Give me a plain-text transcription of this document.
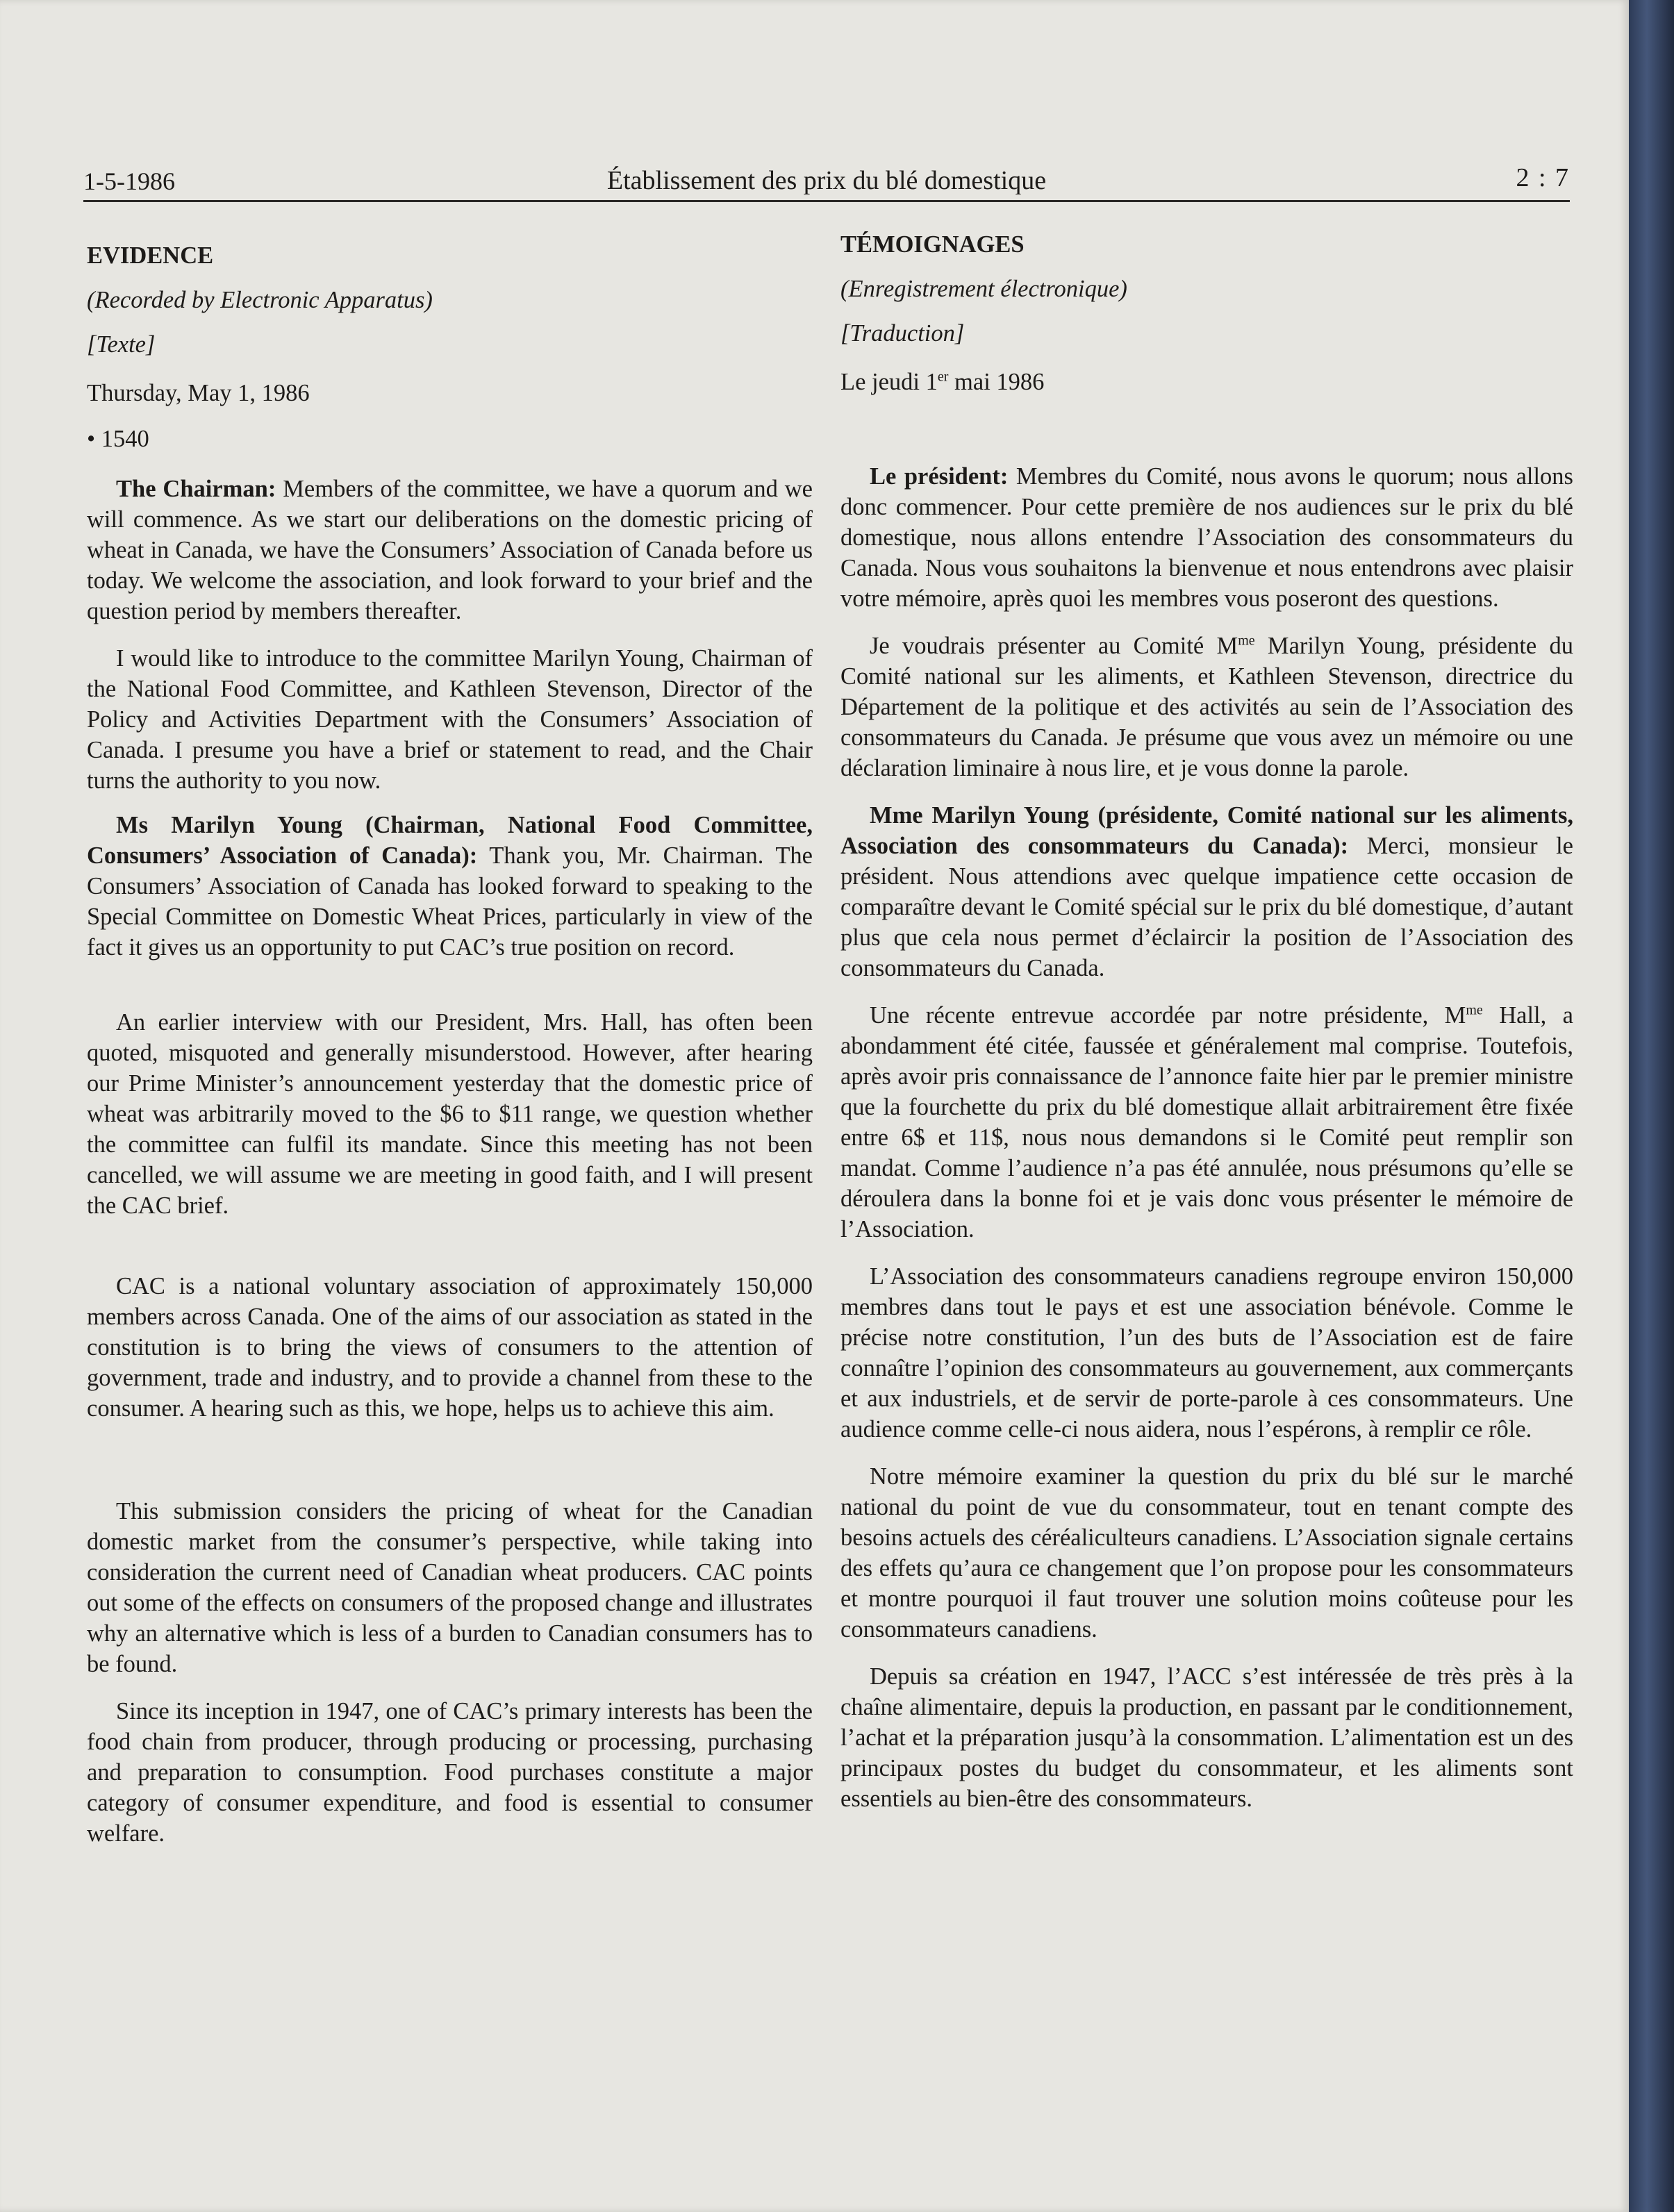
1-5-1986	Établissement des prix du blé domestique	2 : 7

EVIDENCE

(Recorded by Electronic Apparatus)

[Texte]

Thursday, May 1, 1986

• 1540

The Chairman: Members of the committee, we have a quorum and we will commence. As we start our deliberations on the domestic pricing of wheat in Canada, we have the Consumers’ Association of Canada before us today. We welcome the association, and look forward to your brief and the question period by members thereafter.

I would like to introduce to the committee Marilyn Young, Chairman of the National Food Committee, and Kathleen Stevenson, Director of the Policy and Activities Department with the Consumers’ Association of Canada. I presume you have a brief or statement to read, and the Chair turns the authority to you now.

Ms Marilyn Young (Chairman, National Food Committee, Consumers’ Association of Canada): Thank you, Mr. Chairman. The Consumers’ Association of Canada has looked forward to speaking to the Special Committee on Domestic Wheat Prices, particularly in view of the fact it gives us an opportunity to put CAC’s true position on record.

An earlier interview with our President, Mrs. Hall, has often been quoted, misquoted and generally misunderstood. However, after hearing our Prime Minister’s announcement yesterday that the domestic price of wheat was arbitrarily moved to the $6 to $11 range, we question whether the committee can fulfil its mandate. Since this meeting has not been cancelled, we will assume we are meeting in good faith, and I will present the CAC brief.

CAC is a national voluntary association of approximately 150,000 members across Canada. One of the aims of our association as stated in the constitution is to bring the views of consumers to the attention of government, trade and industry, and to provide a channel from these to the consumer. A hearing such as this, we hope, helps us to achieve this aim.

This submission considers the pricing of wheat for the Canadian domestic market from the consumer’s perspective, while taking into consideration the current need of Canadian wheat producers. CAC points out some of the effects on consumers of the proposed change and illustrates why an alternative which is less of a burden to Canadian consumers has to be found.

Since its inception in 1947, one of CAC’s primary interests has been the food chain from producer, through producing or processing, purchasing and preparation to consumption. Food purchases constitute a major category of consumer expenditure, and food is essential to consumer welfare.

TÉMOIGNAGES

(Enregistrement électronique)

[Traduction]

Le jeudi 1er mai 1986

Le président: Membres du Comité, nous avons le quorum; nous allons donc commencer. Pour cette première de nos audiences sur le prix du blé domestique, nous allons entendre l’Association des consommateurs du Canada. Nous vous souhaitons la bienvenue et nous entendrons avec plaisir votre mémoire, après quoi les membres vous poseront des questions.

Je voudrais présenter au Comité $M^{me}$ Marilyn Young, présidente du Comité national sur les aliments, et Kathleen Stevenson, directrice du Département de la politique et des activités au sein de l’Association des consommateurs du Canada. Je présume que vous avez un mémoire ou une déclaration liminaire à nous lire, et je vous donne la parole.

Mme Marilyn Young (présidente, Comité national sur les aliments, Association des consommateurs du Canada): Merci, monsieur le président. Nous attendions avec quelque impatience cette occasion de comparaître devant le Comité spécial sur le prix du blé domestique, d’autant plus que cela nous permet d’éclaircir la position de l’Association des consommateurs du Canada.

Une récente entrevue accordée par notre présidente, $M^{me}$ Hall, a abondamment été citée, faussée et généralement mal comprise. Toutefois, après avoir pris connaissance de l’annonce faite hier par le premier ministre que la fourchette du prix du blé domestique allait arbitrairement être fixée entre 6$ et 11$, nous nous demandons si le Comité peut remplir son mandat. Comme l’audience n’a pas été annulée, nous présumons qu’elle se déroulera dans la bonne foi et je vais donc vous présenter le mémoire de l’Association.

L’Association des consommateurs canadiens regroupe environ 150,000 membres dans tout le pays et est une association bénévole. Comme le précise notre constitution, l’un des buts de l’Association est de faire connaître l’opinion des consommateurs au gouvernement, aux commerçants et aux industriels, et de servir de porte-parole à ces consommateurs. Une audience comme celle-ci nous aidera, nous l’espérons, à remplir ce rôle.

Notre mémoire examiner la question du prix du blé sur le marché national du point de vue du consommateur, tout en tenant compte des besoins actuels des céréaliculteurs canadiens. L’Association signale certains des effets qu’aura ce changement que l’on propose pour les consommateurs et montre pourquoi il faut trouver une solution moins coûteuse pour les consommateurs canadiens.

Depuis sa création en 1947, l’ACC s’est intéressée de très près à la chaîne alimentaire, depuis la production, en passant par le conditionnement, l’achat et la préparation jusqu’à la consommation. L’alimentation est un des principaux postes du budget du consommateur, et les aliments sont essentiels au bien-être des consommateurs.
